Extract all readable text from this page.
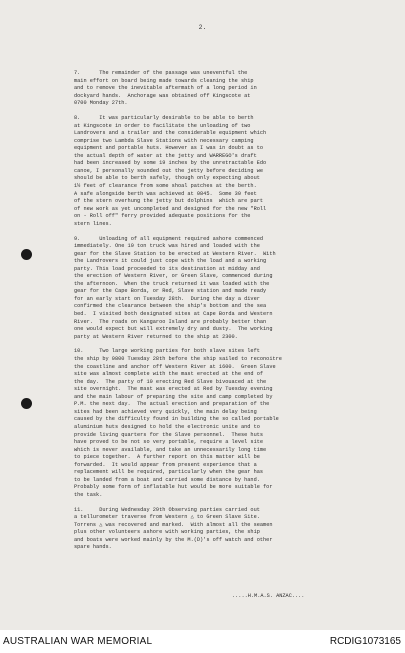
2.
7.      The remainder of the passage was uneventful the
main effort on board being made towards cleaning the ship
and to remove the inevitable aftermath of a long period in
dockyard hands.  Anchorage was obtained off Kingscote at
0700 Monday 27th.
8.      It was particularly desirable to be able to berth
at Kingscote in order to facilitate the unloading of two
Landrovers and a trailer and the considerable equipment which
comprise two Lambda Slave Stations with necessary camping
equipment and portable huts. However as I was in doubt as to
the actual depth of water at the jetty and WARREGO's draft
had been increased by some 19 inches by the unretractable Edo
canoe, I personally sounded out the jetty before deciding we
should be able to berth safely, though only expecting about
1½ feet of clearance from some shoal patches at the berth.
A safe alongside berth was achieved at 0845.  Some 30 feet
of the stern overhung the jetty but dolphins  which are part
of new work as yet uncompleted and designed for the new "Roll
on - Roll off" ferry provided adequate positions for the
stern lines.
9.      Unloading of all equipment required ashore commenced
immediately. One 10 ton truck was hired and loaded with the
gear for the Slave Station to be erected at Western River.  With
the Landrovers it could just cope with the load and a working
party. This load proceeded to its destination at midday and
the erection of Western River, or Green Slave, commenced during
the afternoon.  When the truck returned it was loaded with the
gear for the Cape Borda, or Red, Slave station and made ready
for an early start on Tuesday 28th.  During the day a diver
confirmed the clearance between the ship's bottom and the sea
bed.  I visited both designated sites at Cape Borda and Western
River.  The roads on Kangaroo Island are probably better than
one would expect but will extremely dry and dusty.  The working
party at Western River returned to the ship at 2300.
10.     Two large working parties for both slave sites left
the ship by 0800 Tuesday 28th before the ship sailed to reconoitre
the coastline and anchor off Western River at 1600.  Green Slave
site was almost complete with the mast erected at the end of
the day.  The party of 10 erecting Red Slave bivouaced at the
site overnight.  The mast was erected at Red by Tuesday evening
and the main labour of preparing the site and camp completed by
P.M. the next day.  The actual erection and preparation of the
sites had been achieved very quickly, the main delay being
caused by the difficulty found in building the so called portable
aluminium huts designed to hold the electronic unite and to
provide living quarters for the Slave personnel.  These huts
have proved to be not so very portable, require a level site
which is never available, and take an unnecessarily long time
to piece together.  A further report on this matter will be
forwarded.  It would appear from present experience that a
replacement will be required, particularly when the gear has
to be landed from a boat and carried some distance by hand.
Probably some form of inflatable hut would be more suitable for
the task.
11.     During Wednesday 29th Observing parties carried out
a tellurometer traverse from Western △ to Green Slave Site.
Torrens △ was recovered and marked.  With almost all the seamen
plus other volunteers ashore with working parties, the ship
and boats were worked mainly by the M.(D)'s off watch and other
spare hands.
.....H.M.A.S. ANZAC....
AUSTRALIAN WAR MEMORIAL	RCDIG1073165
